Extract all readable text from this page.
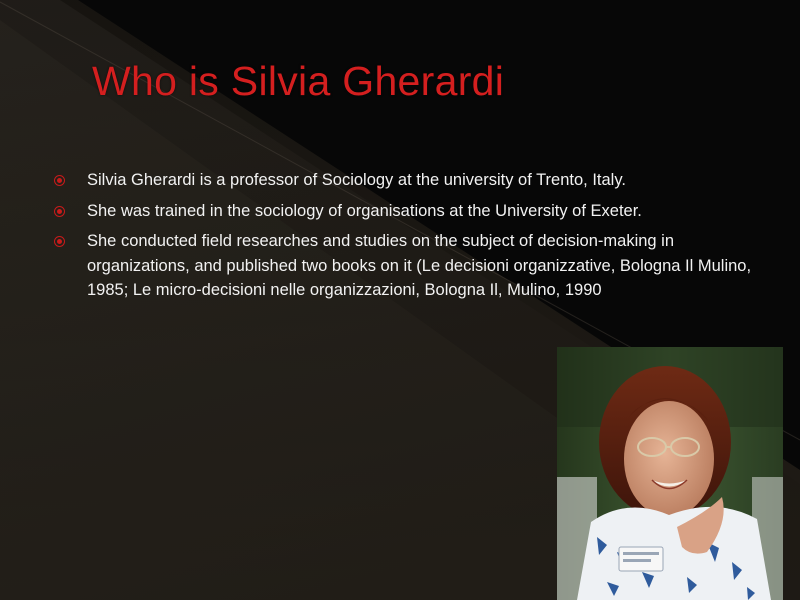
Who is Silvia Gherardi
Silvia Gherardi is a professor of Sociology at the university of Trento, Italy.
She was trained in the sociology of organisations at the University of Exeter.
She conducted field researches and studies on the subject of decision-making in organizations, and published two books on it (Le decisioni organizzative, Bologna Il Mulino, 1985; Le micro-decisioni nelle organizzazioni, Bologna Il, Mulino, 1990
